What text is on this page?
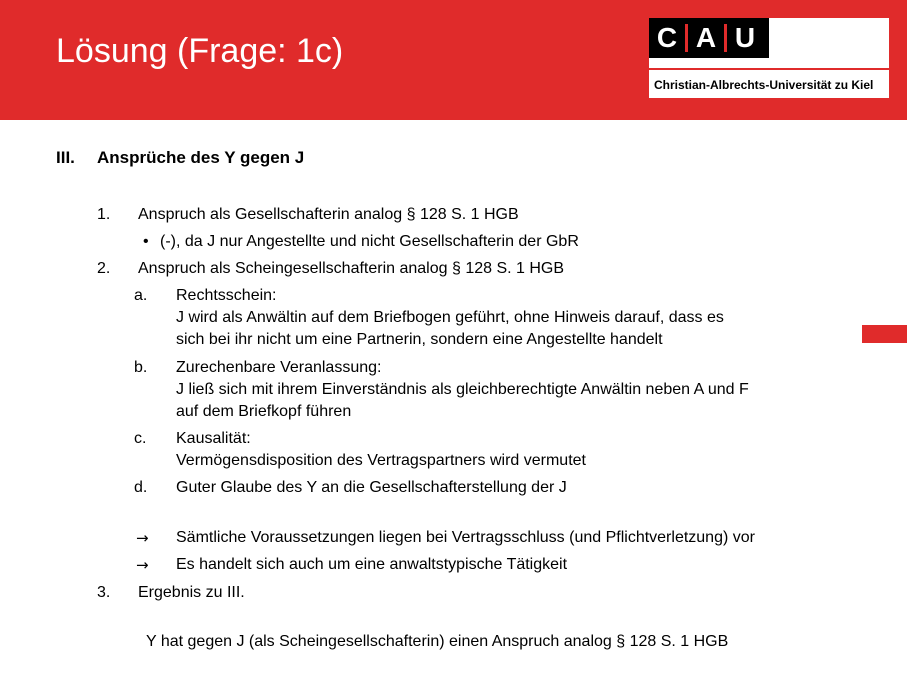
Lösung (Frage: 1c)	C A U
Christian-Albrechts-Universität zu Kiel
III. Ansprüche des Y gegen J
1. Anspruch als Gesellschafterin analog § 128 S. 1 HGB
• (-), da J nur Angestellte und nicht Gesellschafterin der GbR
2. Anspruch als Scheingesellschafterin analog § 128 S. 1 HGB
a. Rechtsschein:
J wird als Anwältin auf dem Briefbogen geführt, ohne Hinweis darauf, dass es
sich bei ihr nicht um eine Partnerin, sondern eine Angestellte handelt
b. Zurechenbare Veranlassung:
J ließ sich mit ihrem Einverständnis als gleichberechtigte Anwältin neben A und F
auf dem Briefkopf führen
c. Kausalität:
Vermögensdisposition des Vertragspartners wird vermutet
d. Guter Glaube des Y an die Gesellschafterstellung der J
→ Sämtliche Voraussetzungen liegen bei Vertragsschluss (und Pflichtverletzung) vor
→ Es handelt sich auch um eine anwaltstypische Tätigkeit
3. Ergebnis zu III.
Y hat gegen J (als Scheingesellschafterin) einen Anspruch analog § 128 S. 1 HGB
